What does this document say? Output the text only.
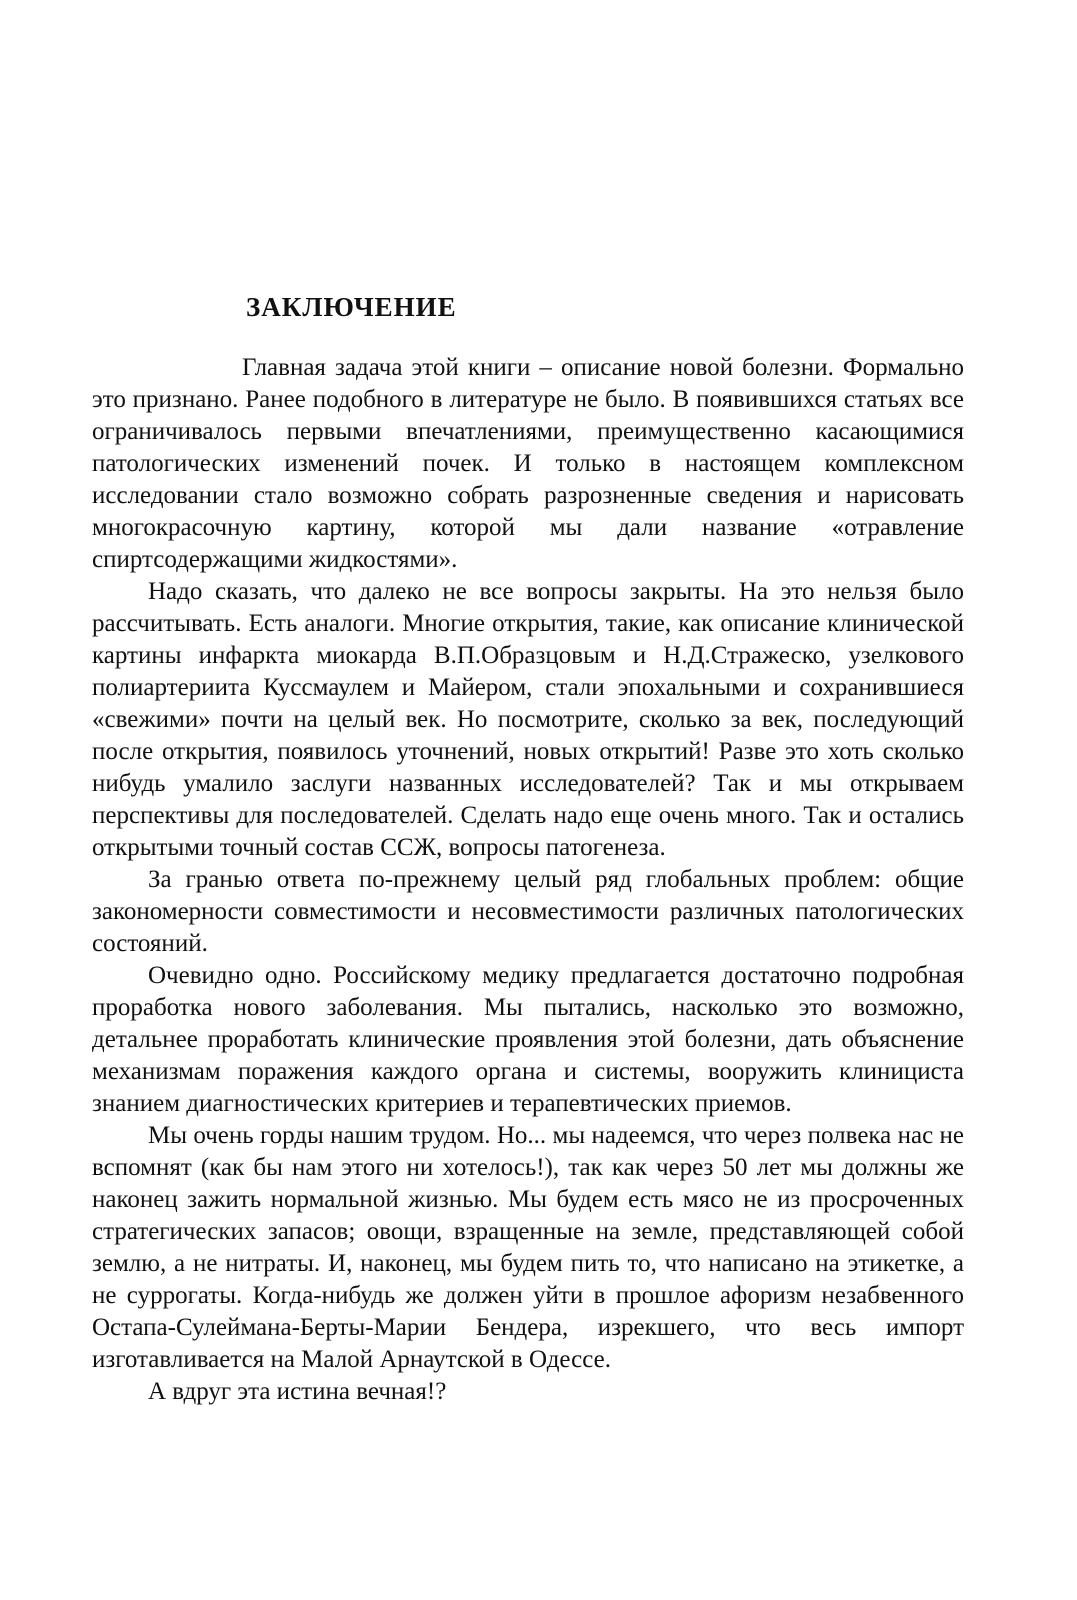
ЗАКЛЮЧЕНИЕ

Главная задача этой книги – описание новой болезни. Формально это признано. Ранее подобного в литературе не было. В появившихся статьях все ограничивалось первыми впечатлениями, преимущественно касающимися патологических изменений почек. И только в настоящем комплексном исследовании стало возможно собрать разрозненные сведения и нарисовать многокрасочную картину, которой мы дали название «отравление спиртсодержащими жидкостями».

Надо сказать, что далеко не все вопросы закрыты. На это нельзя было рассчитывать. Есть аналоги. Многие открытия, такие, как описание клинической картины инфаркта миокарда В.П.Образцовым и Н.Д.Стражеско, узелкового полиартериита Куссмаулем и Майером, стали эпохальными и сохранившиеся «свежими» почти на целый век. Но посмотрите, сколько за век, последующий после открытия, появилось уточнений, новых открытий! Разве это хоть сколько нибудь умалило заслуги названных исследователей? Так и мы открываем перспективы для последователей. Сделать надо еще очень много. Так и остались открытыми точный состав ССЖ, вопросы патогенеза.

За гранью ответа по-прежнему целый ряд глобальных проблем: общие закономерности совместимости и несовместимости различных патологических состояний.

Очевидно одно. Российскому медику предлагается достаточно подробная проработка нового заболевания. Мы пытались, насколько это возможно, детальнее проработать клинические проявления этой болезни, дать объяснение механизмам поражения каждого органа и системы, вооружить клинициста знанием диагностических критериев и терапевтических приемов.

Мы очень горды нашим трудом. Но... мы надеемся, что через полвека нас не вспомнят (как бы нам этого ни хотелось!), так как через 50 лет мы должны же наконец зажить нормальной жизнью. Мы будем есть мясо не из просроченных стратегических запасов; овощи, взращенные на земле, представляющей собой землю, а не нитраты. И, наконец, мы будем пить то, что написано на этикетке, а не суррогаты. Когда-нибудь же должен уйти в прошлое афоризм незабвенного Остапа-Сулеймана-Берты-Марии Бендера, изрекшего, что весь импорт изготавливается на Малой Арнаутской в Одессе.

А вдруг эта истина вечная!?
